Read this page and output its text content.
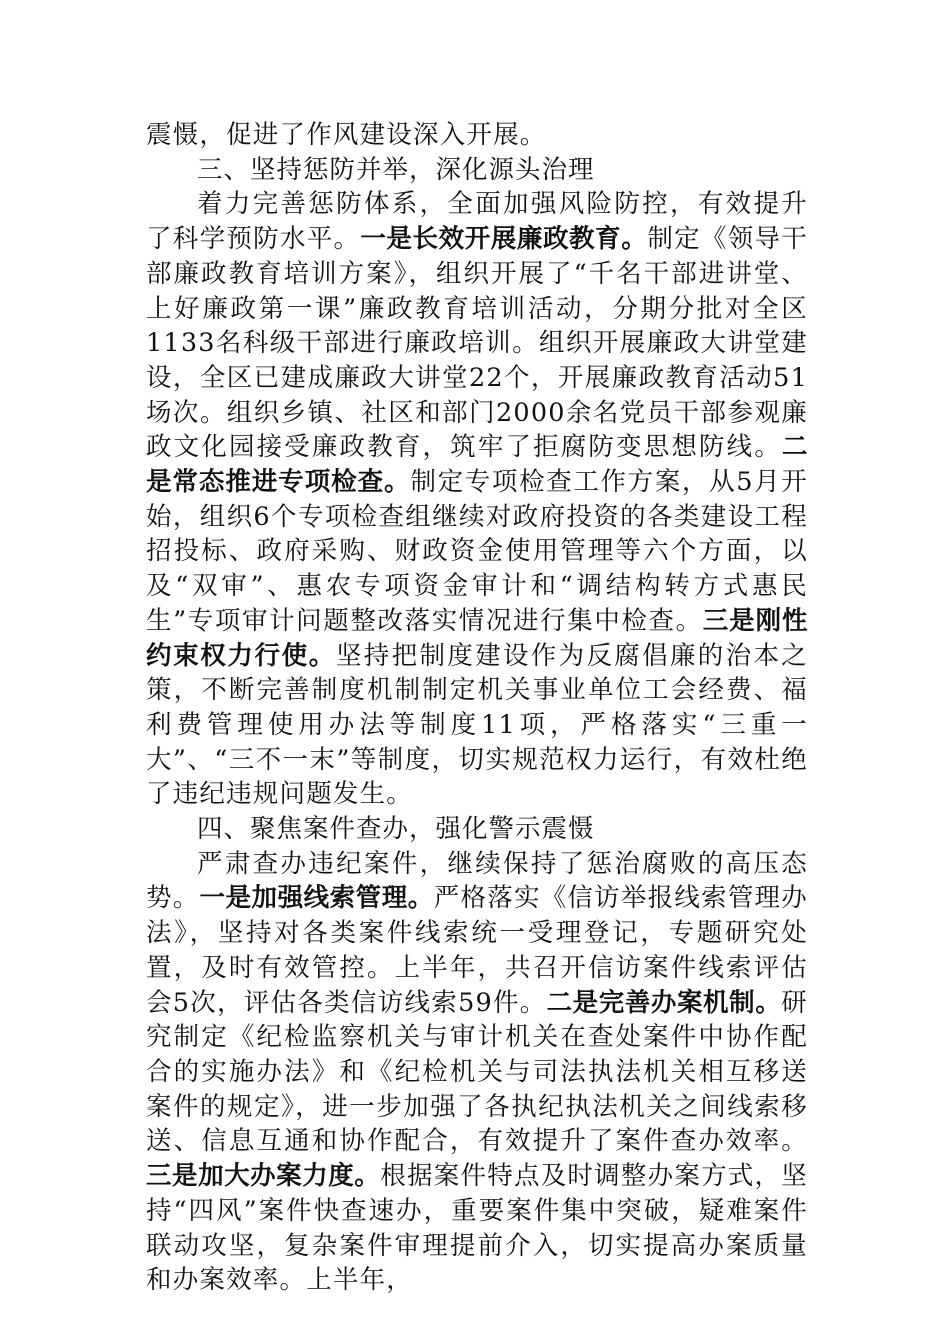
震慑，促进了作风建设深入开展。

三、坚持惩防并举，深化源头治理

着力完善惩防体系，全面加强风险防控，有效提升了科学预防水平。一是长效开展廉政教育。制定《领导干部廉政教育培训方案》，组织开展了“千名干部进讲堂、上好廉政第一课”廉政教育培训活动，分期分批对全区1133名科级干部进行廉政培训。组织开展廉政大讲堂建设，全区已建成廉政大讲堂22个，开展廉政教育活动51场次。组织乡镇、社区和部门2000余名党员干部参观廉政文化园接受廉政教育，筑牢了拒腐防变思想防线。二是常态推进专项检查。制定专项检查工作方案，从5月开始，组织6个专项检查组继续对政府投资的各类建设工程招投标、政府采购、财政资金使用管理等六个方面，以及“双审”、惠农专项资金审计和“调结构转方式惠民生”专项审计问题整改落实情况进行集中检查。三是刚性约束权力行使。坚持把制度建设作为反腐倡廉的治本之策，不断完善制度机制制定机关事业单位工会经费、福利费管理使用办法等制度11项，严格落实“三重一大”、“三不一末”等制度，切实规范权力运行，有效杜绝了违纪违规问题发生。

四、聚焦案件查办，强化警示震慑

严肃查办违纪案件，继续保持了惩治腐败的高压态势。一是加强线索管理。严格落实《信访举报线索管理办法》，坚持对各类案件线索统一受理登记，专题研究处置，及时有效管控。上半年，共召开信访案件线索评估会5次，评估各类信访线索59件。二是完善办案机制。研究制定《纪检监察机关与审计机关在查处案件中协作配合的实施办法》和《纪检机关与司法执法机关相互移送案件的规定》，进一步加强了各执纪执法机关之间线索移送、信息互通和协作配合，有效提升了案件查办效率。三是加大办案力度。根据案件特点及时调整办案方式，坚持“四风”案件快查速办，重要案件集中突破，疑难案件联动攻坚，复杂案件审理提前介入，切实提高办案质量和办案效率。上半年，
